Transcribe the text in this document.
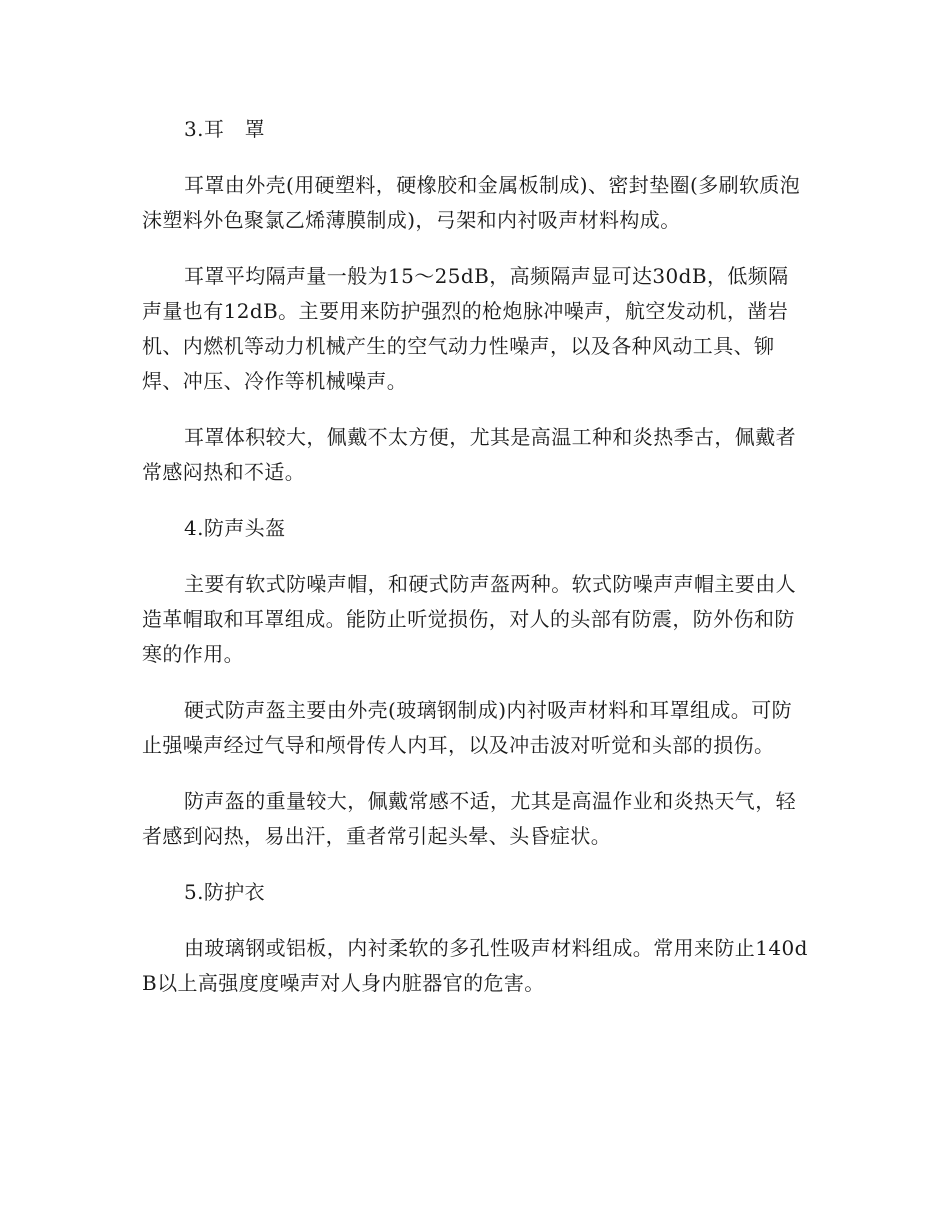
3.耳　罩

耳罩由外壳(用硬塑料，硬橡胶和金属板制成)、密封垫圈(多刷软质泡沫塑料外色聚氯乙烯薄膜制成)，弓架和内衬吸声材料构成。

耳罩平均隔声量一般为15～25dB，高频隔声显可达30dB，低频隔声量也有12dB。主要用来防护强烈的枪炮脉冲噪声，航空发动机，凿岩机、内燃机等动力机械产生的空气动力性噪声，以及各种风动工具、铆焊、冲压、冷作等机械噪声。

耳罩体积较大，佩戴不太方便，尤其是高温工种和炎热季古，佩戴者常感闷热和不适。

4.防声头盔

主要有软式防噪声帽，和硬式防声盔两种。软式防噪声声帽主要由人造革帽取和耳罩组成。能防止听觉损伤，对人的头部有防震，防外伤和防寒的作用。

硬式防声盔主要由外壳(玻璃钢制成)内衬吸声材料和耳罩组成。可防止强噪声经过气导和颅骨传人内耳，以及冲击波对听觉和头部的损伤。

防声盔的重量较大，佩戴常感不适，尤其是高温作业和炎热天气，轻者感到闷热，易出汗，重者常引起头晕、头昏症状。

5.防护衣

由玻璃钢或铝板，内衬柔软的多孔性吸声材料组成。常用来防止140dB以上高强度度噪声对人身内脏器官的危害。
